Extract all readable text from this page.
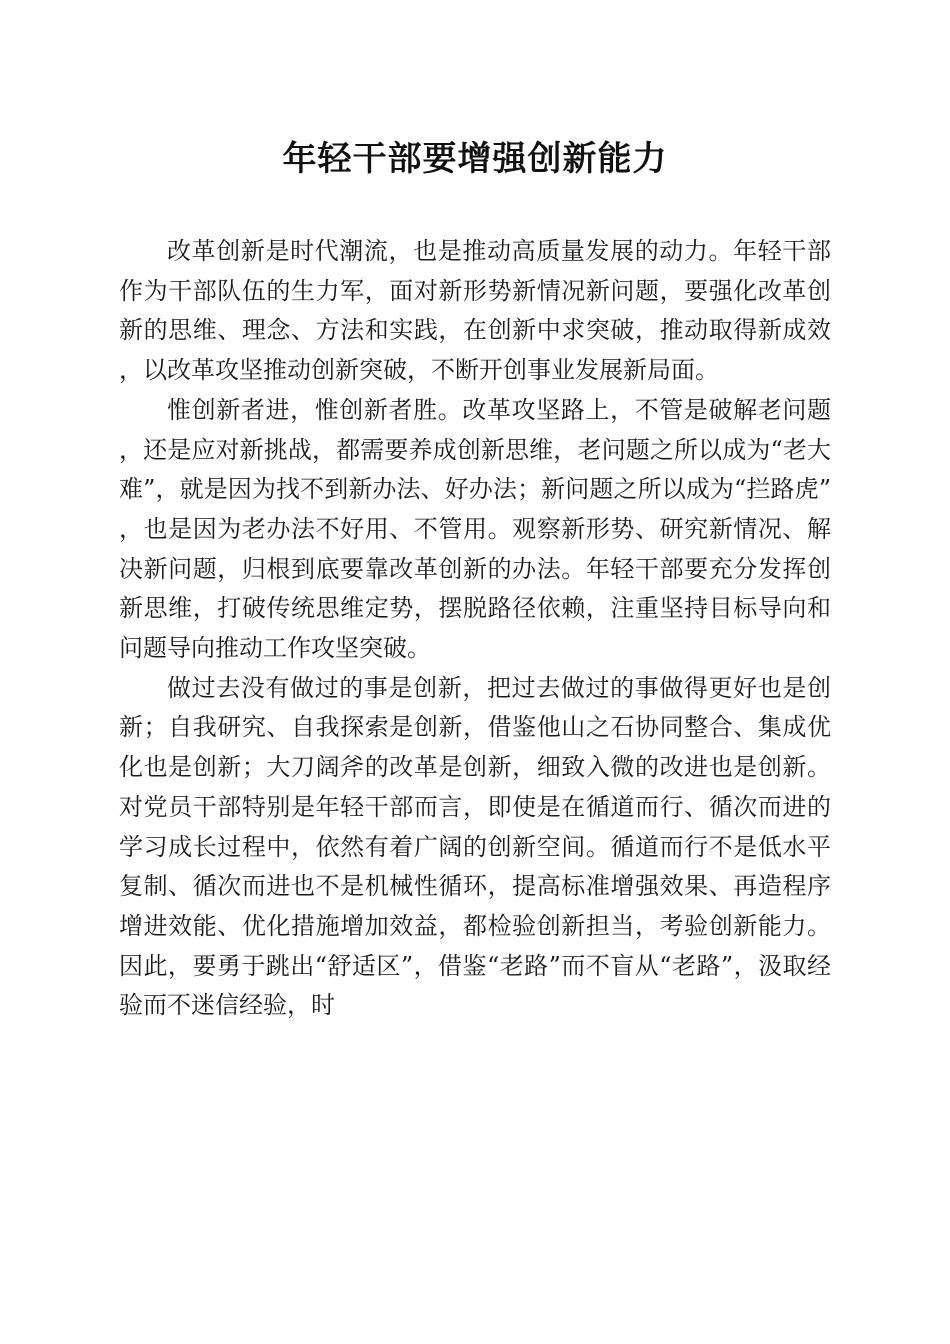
年轻干部要增强创新能力

改革创新是时代潮流，也是推动高质量发展的动力。年轻干部作为干部队伍的生力军，面对新形势新情况新问题，要强化改革创新的思维、理念、方法和实践，在创新中求突破，推动取得新成效，以改革攻坚推动创新突破，不断开创事业发展新局面。

惟创新者进，惟创新者胜。改革攻坚路上，不管是破解老问题，还是应对新挑战，都需要养成创新思维，老问题之所以成为“老大难”，就是因为找不到新办法、好办法；新问题之所以成为“拦路虎”，也是因为老办法不好用、不管用。观察新形势、研究新情况、解决新问题，归根到底要靠改革创新的办法。年轻干部要充分发挥创新思维，打破传统思维定势，摆脱路径依赖，注重坚持目标导向和问题导向推动工作攻坚突破。

做过去没有做过的事是创新，把过去做过的事做得更好也是创新；自我研究、自我探索是创新，借鉴他山之石协同整合、集成优化也是创新；大刀阔斧的改革是创新，细致入微的改进也是创新。对党员干部特别是年轻干部而言，即使是在循道而行、循次而进的学习成长过程中，依然有着广阔的创新空间。循道而行不是低水平复制、循次而进也不是机械性循环，提高标准增强效果、再造程序增进效能、优化措施增加效益，都检验创新担当，考验创新能力。因此，要勇于跳出“舒适区”，借鉴“老路”而不盲从“老路”，汲取经验而不迷信经验，时
